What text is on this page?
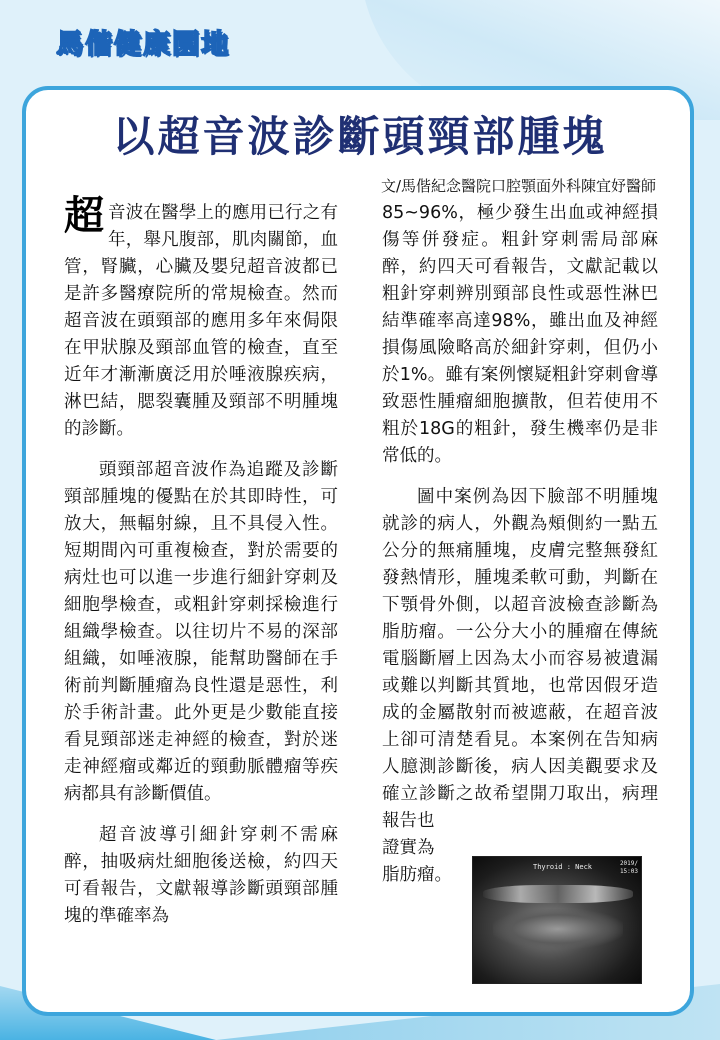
馬偕健康園地
以超音波診斷頭頸部腫塊
文/馬偕紀念醫院口腔顎面外科陳宜妤醫師

超音波在醫學上的應用已行之有年，舉凡腹部，肌肉關節，血管，腎臟，心臟及嬰兒超音波都已是許多醫療院所的常規檢查。然而超音波在頭頸部的應用多年來侷限在甲狀腺及頸部血管的檢查，直至近年才漸漸廣泛用於唾液腺疾病，淋巴結，腮裂囊腫及頸部不明腫塊的診斷。

頭頸部超音波作為追蹤及診斷頸部腫塊的優點在於其即時性，可放大，無輻射線，且不具侵入性。短期間內可重複檢查，對於需要的病灶也可以進一步進行細針穿刺及細胞學檢查，或粗針穿刺採檢進行組織學檢查。以往切片不易的深部組織，如唾液腺，能幫助醫師在手術前判斷腫瘤為良性還是惡性，利於手術計畫。此外更是少數能直接看見頸部迷走神經的檢查，對於迷走神經瘤或鄰近的頸動脈體瘤等疾病都具有診斷價值。

超音波導引細針穿刺不需麻醉，抽吸病灶細胞後送檢，約四天可看報告，文獻報導診斷頭頸部腫塊的準確率為

85~96%，極少發生出血或神經損傷等併發症。粗針穿刺需局部麻醉，約四天可看報告，文獻記載以粗針穿刺辨別頸部良性或惡性淋巴結準確率高達98%，雖出血及神經損傷風險略高於細針穿刺，但仍小於1%。雖有案例懷疑粗針穿刺會導致惡性腫瘤細胞擴散，但若使用不粗於18G的粗針，發生機率仍是非常低的。

圖中案例為因下臉部不明腫塊就診的病人，外觀為頰側約一點五公分的無痛腫塊，皮膚完整無發紅發熱情形，腫塊柔軟可動，判斷在下顎骨外側，以超音波檢查診斷為脂肪瘤。一公分大小的腫瘤在傳統電腦斷層上因為太小而容易被遺漏或難以判斷其質地，也常因假牙造成的金屬散射而被遮蔽，在超音波上卻可清楚看見。本案例在告知病人臆測診斷後，病人因美觀要求及確立診斷之故希望開刀取出，病理報告也

證實為

脂肪瘤。	Thyroid : Neck	2019/
15:03
